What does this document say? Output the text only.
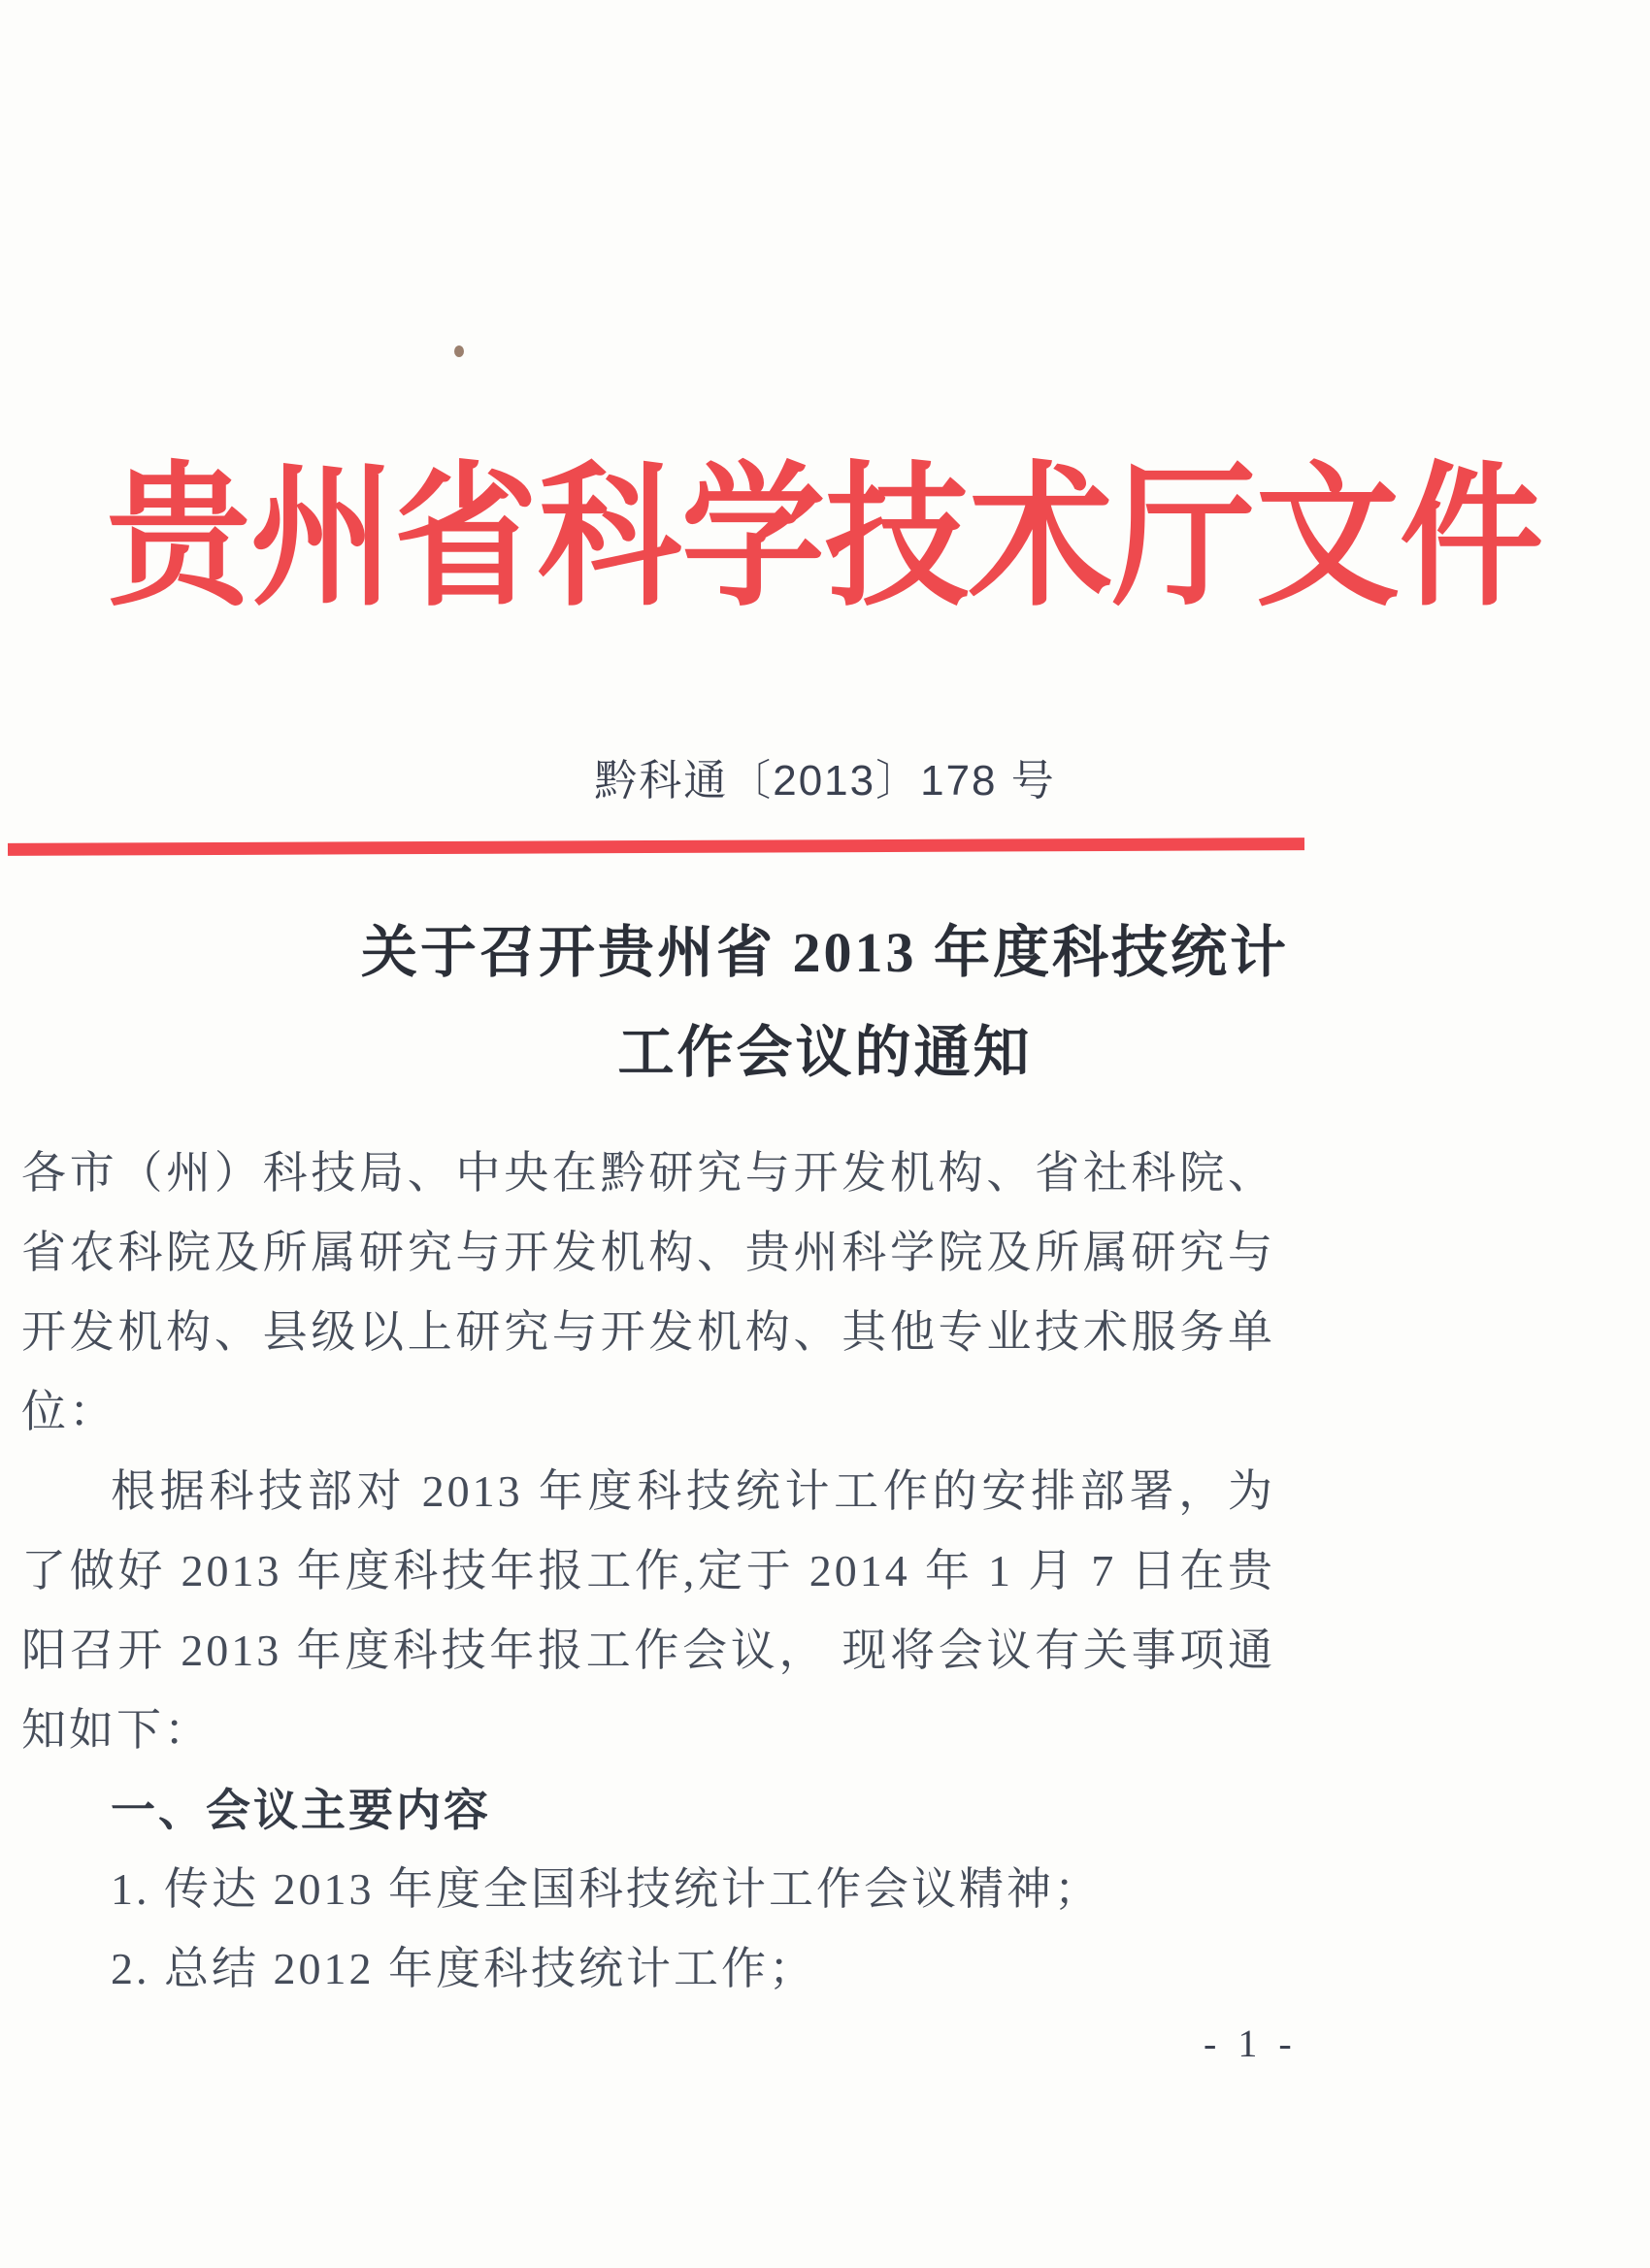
贵州省科学技术厅文件
黔科通〔2013〕178 号
关于召开贵州省 2013 年度科技统计
工作会议的通知

各市（州）科技局、中央在黔研究与开发机构、省社科院、省农科院及所属研究与开发机构、贵州科学院及所属研究与开发机构、县级以上研究与开发机构、其他专业技术服务单位：

根据科技部对 2013 年度科技统计工作的安排部署，为了做好 2013 年度科技年报工作,定于 2014 年 1 月 7 日在贵阳召开 2013 年度科技年报工作会议， 现将会议有关事项通知如下：

一、会议主要内容

1. 传达 2013 年度全国科技统计工作会议精神；

2. 总结 2012 年度科技统计工作；

- 1 -
